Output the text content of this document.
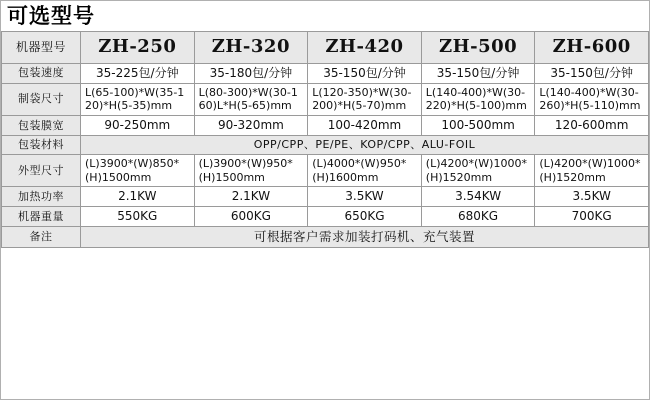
可选型号
机器型号	ZH-250	ZH-320	ZH-420	ZH-500	ZH-600
包装速度	35-225包/分钟	35-180包/分钟	35-150包/分钟	35-150包/分钟	35-150包/分钟
制袋尺寸	L(65-100)*W(35-120)*H(5-35)mm	L(80-300)*W(30-160)L*H(5-65)mm	L(120-350)*W(30-200)*H(5-70)mm	L(140-400)*W(30-220)*H(5-100)mm	L(140-400)*W(30-260)*H(5-110)mm
包装膜宽	90-250mm	90-320mm	100-420mm	100-500mm	120-600mm
包装材料	OPP/CPP、PE/PE、KOP/CPP、ALU-FOIL				
外型尺寸	(L)3900*(W)850*(H)1500mm	(L)3900*(W)950*(H)1500mm	(L)4000*(W)950*(H)1600mm	(L)4200*(W)1000*(H)1520mm	(L)4200*(W)1000*(H)1520mm
加热功率	2.1KW	2.1KW	3.5KW	3.54KW	3.5KW
机器重量	550KG	600KG	650KG	680KG	700KG
备注	可根据客户需求加装打码机、充气装置				
